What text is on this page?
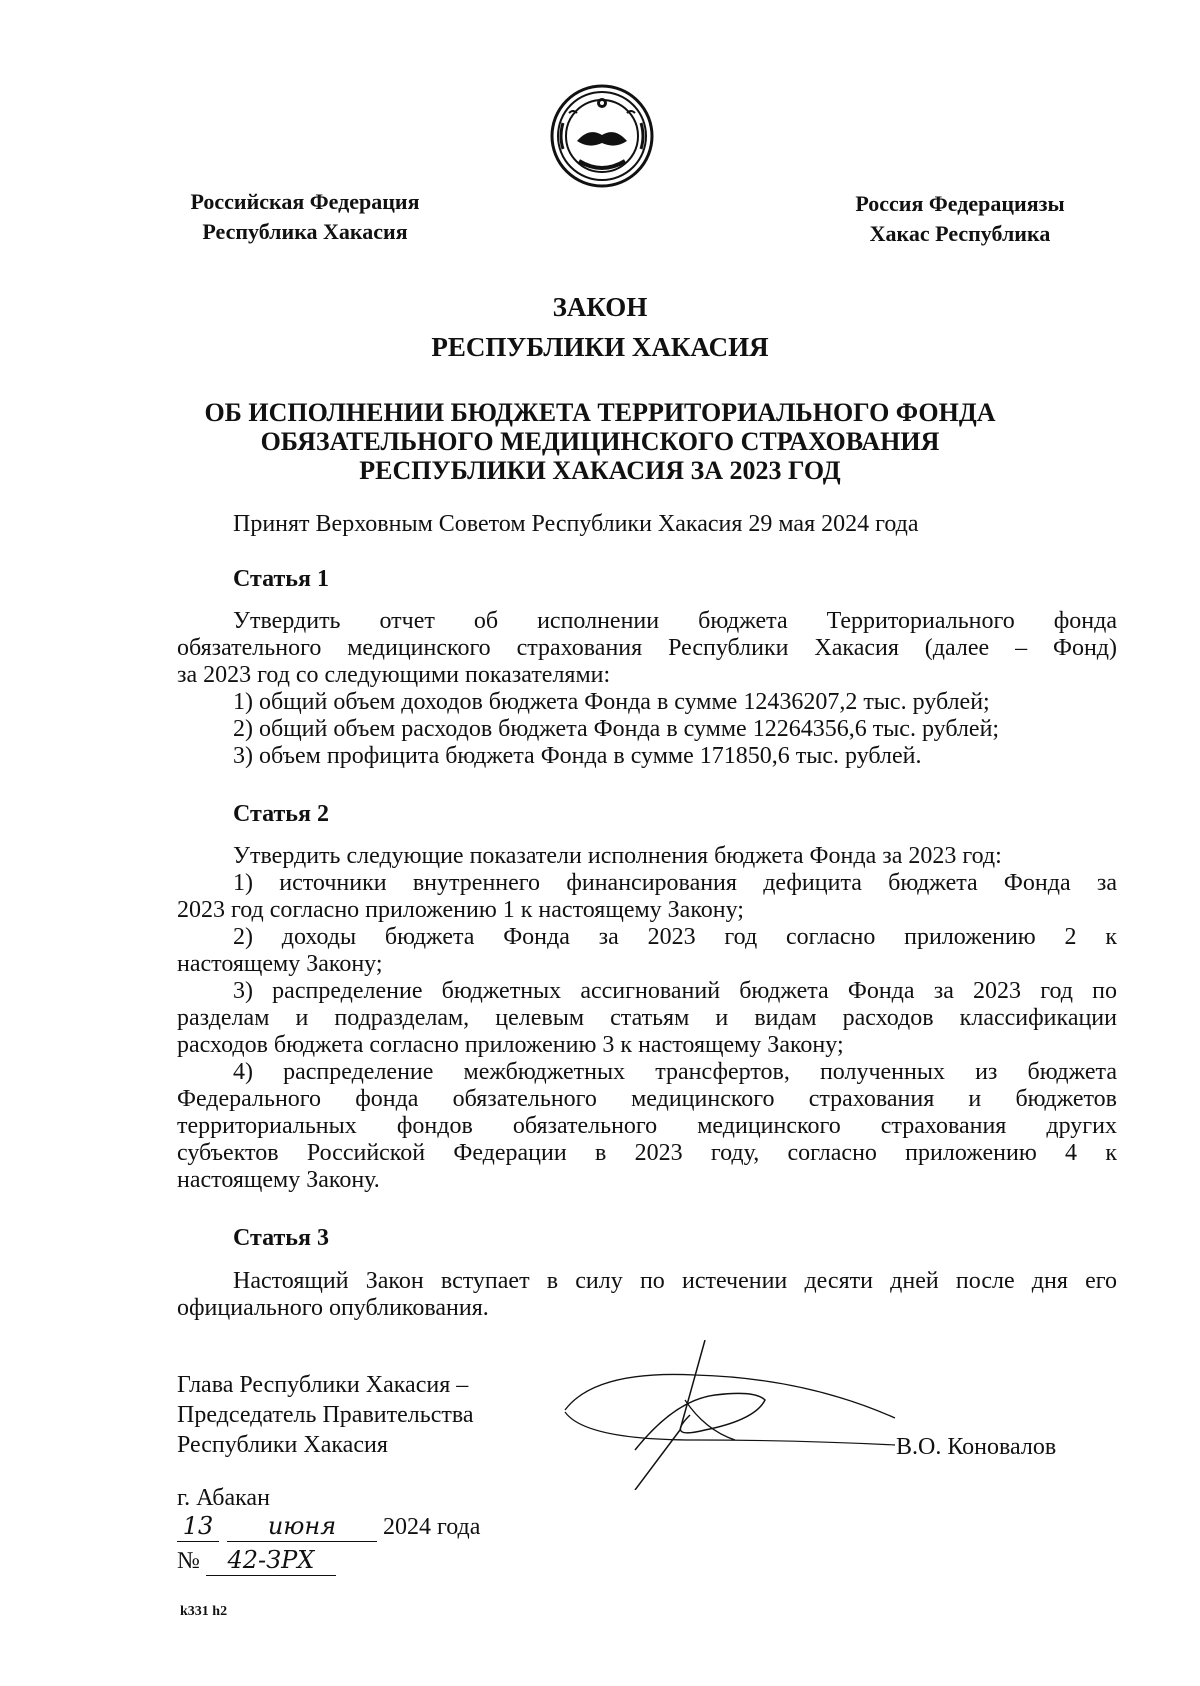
Российская Федерация
Республика Хакасия
Россия Федерациязы
Хакас Республика
ЗАКОН
РЕСПУБЛИКИ ХАКАСИЯ
ОБ ИСПОЛНЕНИИ БЮДЖЕТА ТЕРРИТОРИАЛЬНОГО ФОНДА
ОБЯЗАТЕЛЬНОГО МЕДИЦИНСКОГО СТРАХОВАНИЯ
РЕСПУБЛИКИ ХАКАСИЯ ЗА 2023 ГОД
Принят Верховным Советом Республики Хакасия 29 мая 2024 года
Статья 1
Утвердить отчет об исполнении бюджета Территориального фонда
обязательного медицинского страхования Республики Хакасия (далее – Фонд)
за 2023 год со следующими показателями:
1) общий объем доходов бюджета Фонда в сумме 12436207,2 тыс. рублей;
2) общий объем расходов бюджета Фонда в сумме 12264356,6 тыс. рублей;
3) объем профицита бюджета Фонда в сумме 171850,6 тыс. рублей.
Статья 2
Утвердить следующие показатели исполнения бюджета Фонда за 2023 год:
1) источники внутреннего финансирования дефицита бюджета Фонда за
2023 год согласно приложению 1 к настоящему Закону;
2) доходы бюджета Фонда за 2023 год согласно приложению 2 к
настоящему Закону;
3) распределение бюджетных ассигнований бюджета Фонда за 2023 год по
разделам и подразделам, целевым статьям и видам расходов классификации
расходов бюджета согласно приложению 3 к настоящему Закону;
4) распределение межбюджетных трансфертов, полученных из бюджета
Федерального фонда обязательного медицинского страхования и бюджетов
территориальных фондов обязательного медицинского страхования других
субъектов Российской Федерации в 2023 году, согласно приложению 4 к
настоящему Закону.
Статья 3
Настоящий Закон вступает в силу по истечении десяти дней после дня его
официального опубликования.
Глава Республики Хакасия –
Председатель Правительства
Республики Хакасия	В.О. Коновалов
г. Абакан
13 июня 2024 года
№ 42-ЗРХ
k331 h2
